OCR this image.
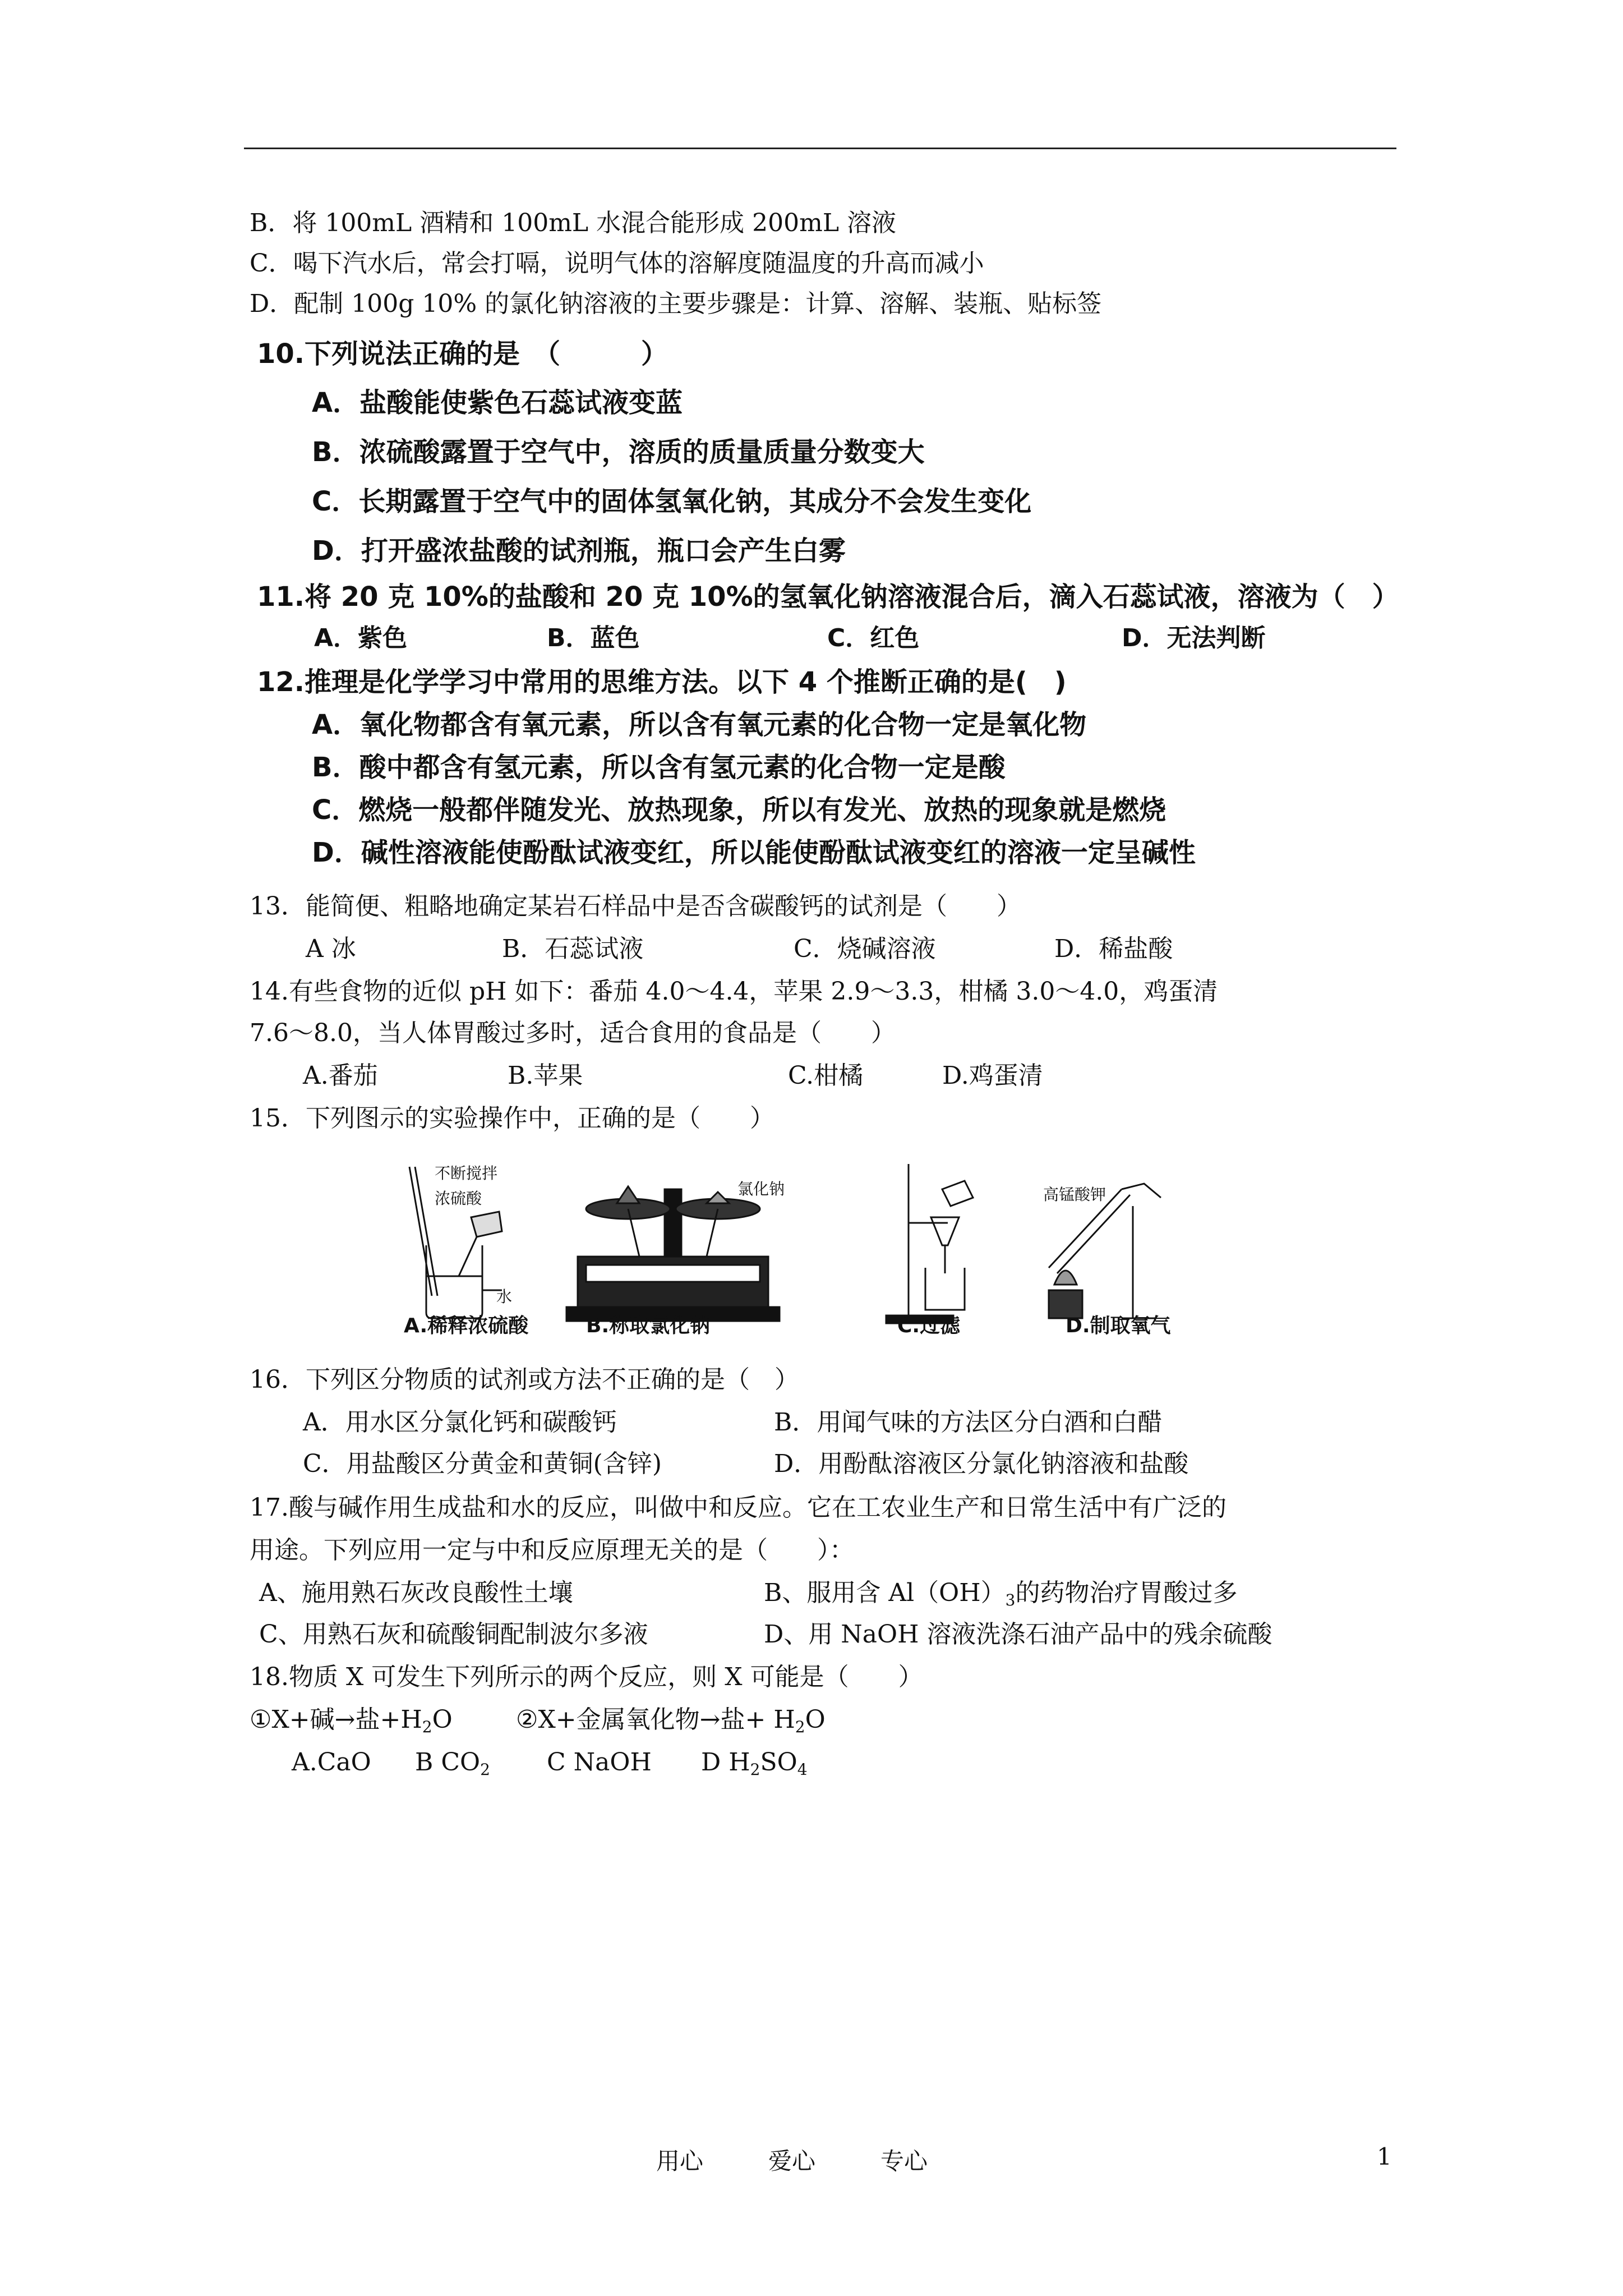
B．将 100mL 酒精和 100mL 水混合能形成 200mL 溶液
C．喝下汽水后，常会打嗝，说明气体的溶解度随温度的升高而减小
D．配制 100g 10% 的氯化钠溶液的主要步骤是：计算、溶解、装瓶、贴标签
10.下列说法正确的是　（　　　）
A．盐酸能使紫色石蕊试液变蓝
B．浓硫酸露置于空气中，溶质的质量质量分数变大
C．长期露置于空气中的固体氢氧化钠，其成分不会发生变化
D．打开盛浓盐酸的试剂瓶，瓶口会产生白雾
11.将 20 克 10%的盐酸和 20 克 10%的氢氧化钠溶液混合后，滴入石蕊试液，溶液为（　）
A．紫色	B．蓝色	C．红色	D．无法判断
12.推理是化学学习中常用的思维方法。以下 4 个推断正确的是(　)
A．氧化物都含有氧元素，所以含有氧元素的化合物一定是氧化物
B．酸中都含有氢元素，所以含有氢元素的化合物一定是酸
C．燃烧一般都伴随发光、放热现象，所以有发光、放热的现象就是燃烧
D．碱性溶液能使酚酞试液变红，所以能使酚酞试液变红的溶液一定呈碱性
13．能简便、粗略地确定某岩石样品中是否含碳酸钙的试剂是（　　）
A 冰	B．石蕊试液	C．烧碱溶液	D．稀盐酸
14.有些食物的近似 pH 如下：番茄 4.0～4.4，苹果 2.9～3.3，柑橘 3.0～4.0，鸡蛋清
7.6～8.0，当人体胃酸过多时，适合食用的食品是（　　）
A.番茄	B.苹果	C.柑橘	D.鸡蛋清
15．下列图示的实验操作中，正确的是（　　）
不断搅拌
浓硫酸
水
氯化钠	高锰酸钾
A.稀释浓硫酸	B.称取氯化钠	C.过滤	D.制取氧气
16．下列区分物质的试剂或方法不正确的是（　）
A．用水区分氯化钙和碳酸钙	B．用闻气味的方法区分白酒和白醋
C．用盐酸区分黄金和黄铜(含锌)	D．用酚酞溶液区分氯化钠溶液和盐酸
17.酸与碱作用生成盐和水的反应，叫做中和反应。它在工农业生产和日常生活中有广泛的
用途。下列应用一定与中和反应原理无关的是（　　）：
A、施用熟石灰改良酸性土壤	B、服用含 $Al(OH)_3$的药物治疗胃酸过多
C、用熟石灰和硫酸铜配制波尔多液	D、用 NaOH 溶液洗涤石油产品中的残余硫酸
18.物质 X 可发生下列所示的两个反应，则 X 可能是（　　）
①X+碱→盐$+H_2O$	②X+金属氧化物→盐+ $H_2O$
A.CaO B $CO_2$ C NaOH D $H_2SO_4$
用心	爱心	专心	1
